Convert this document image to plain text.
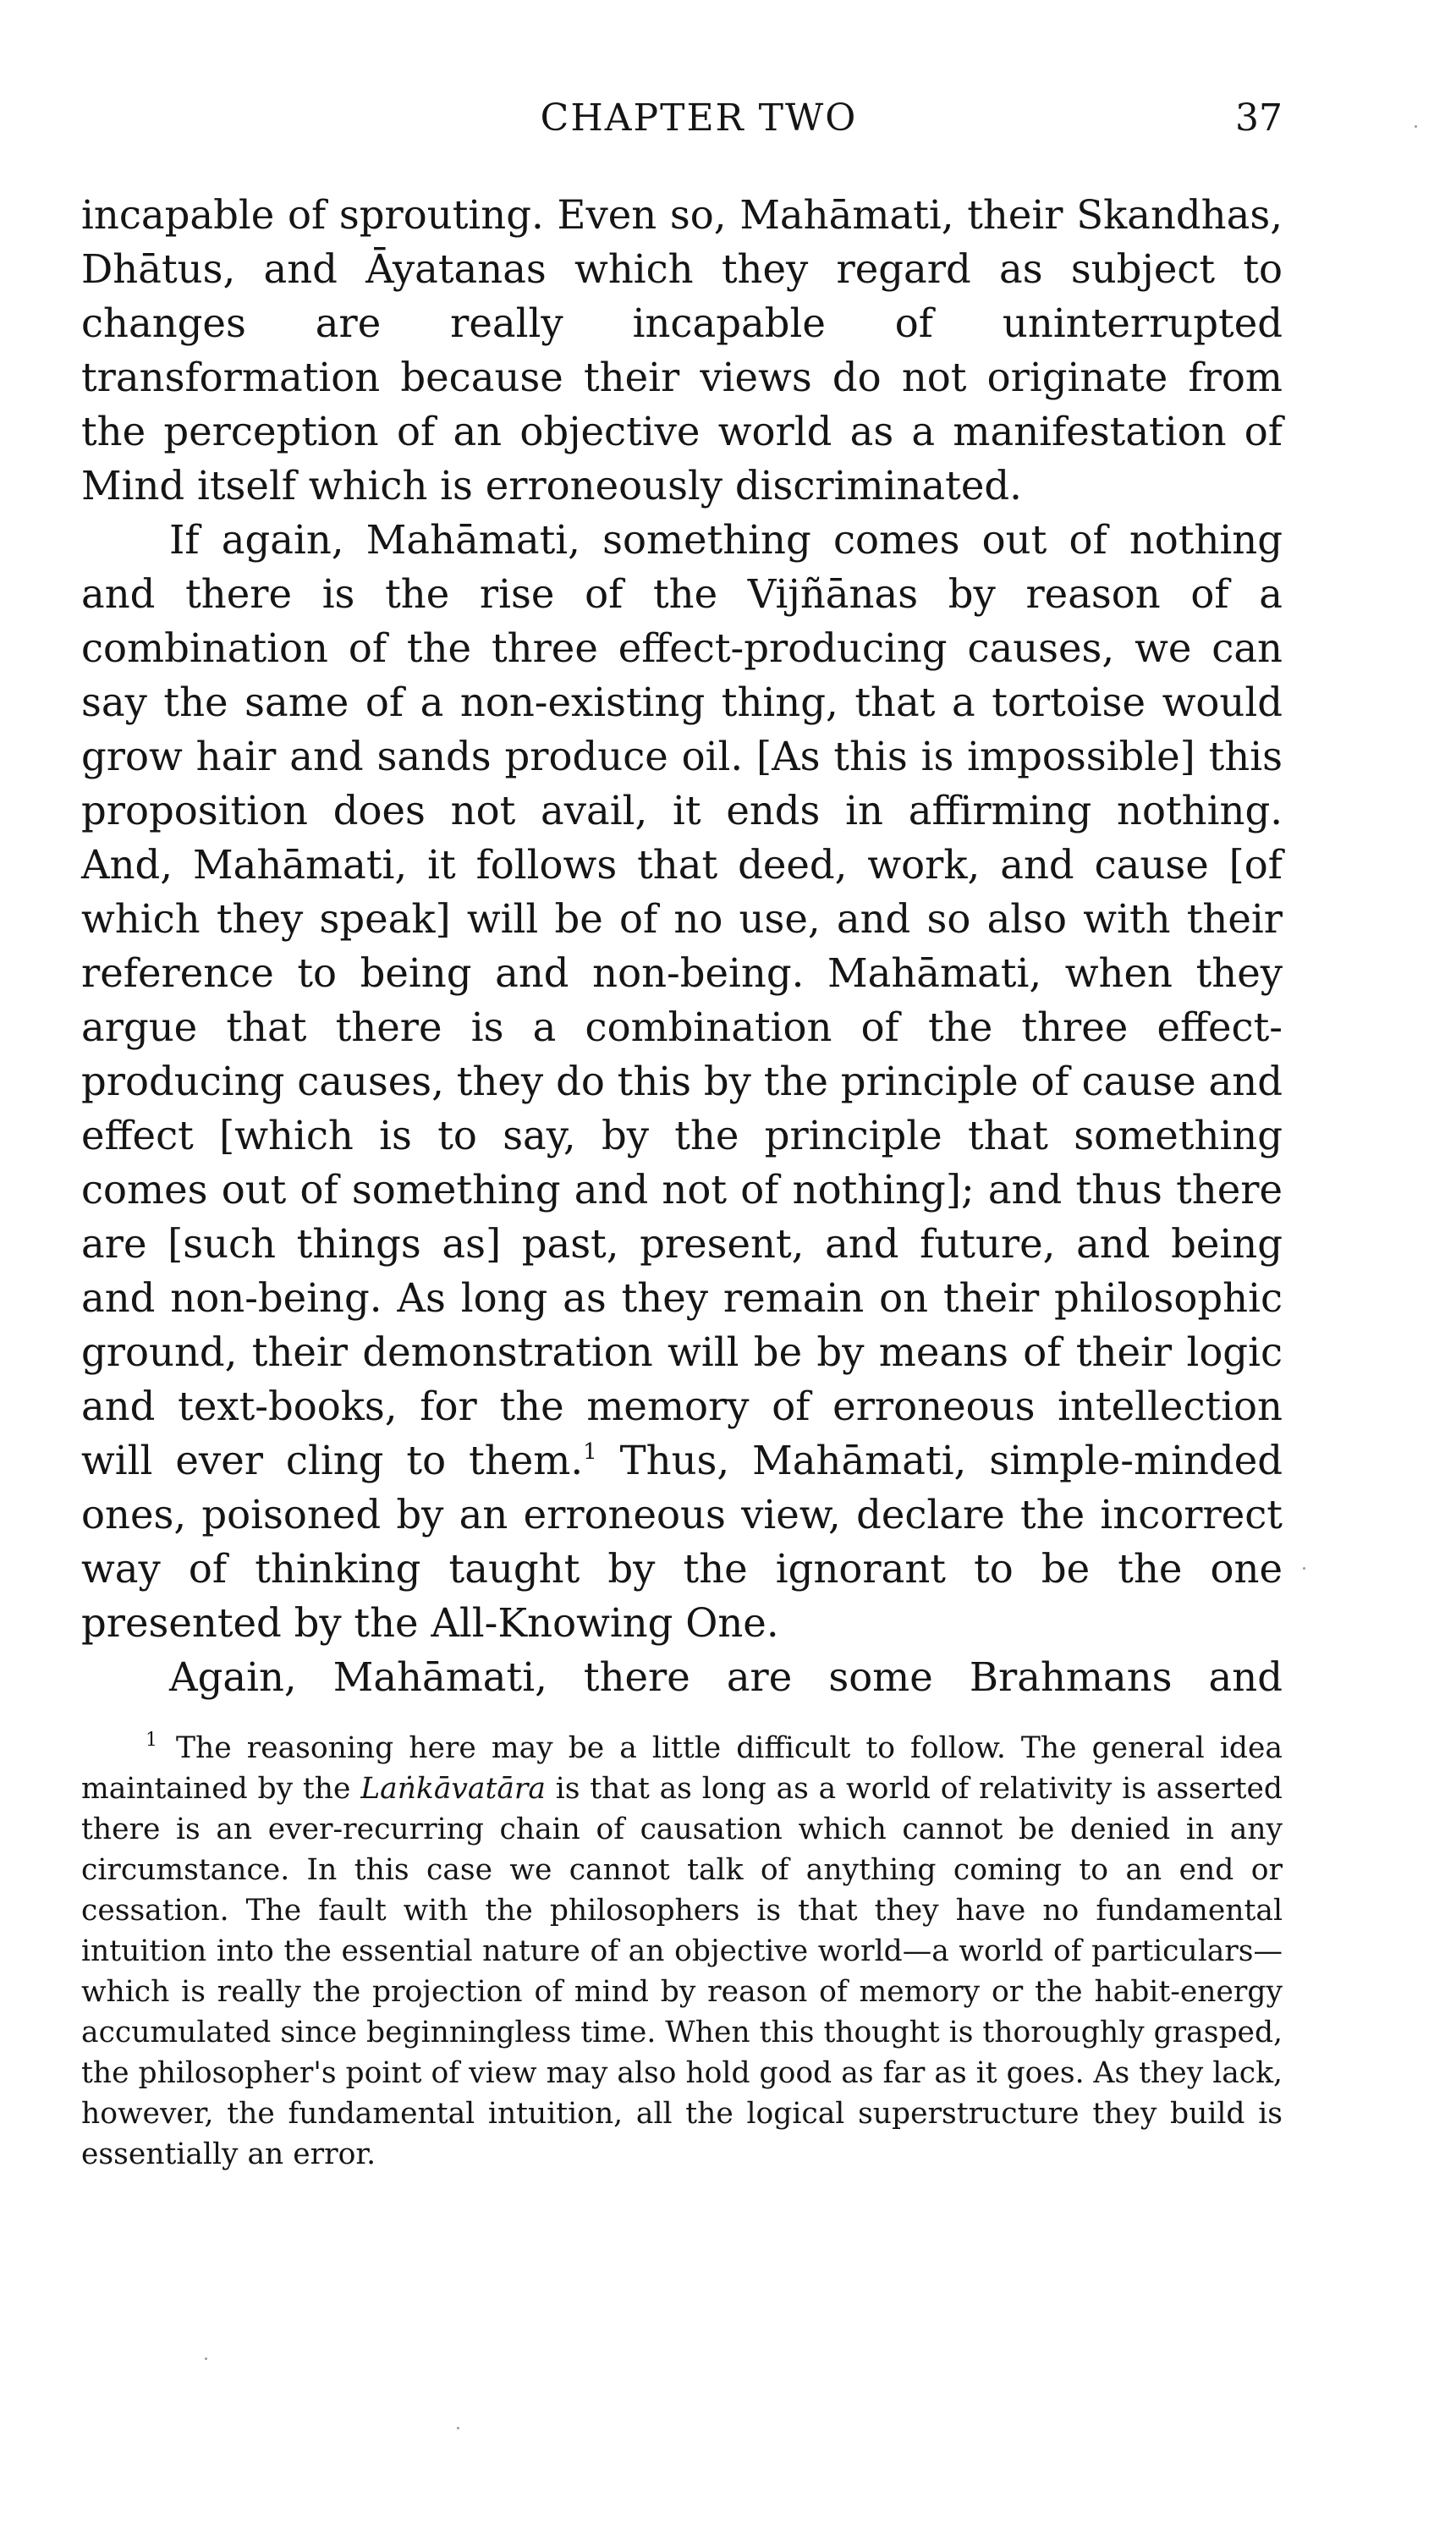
CHAPTER TWO	37

incapable of sprouting. Even so, Mahāmati, their Skandhas, Dhātus, and Āyatanas which they regard as subject to changes are really incapable of uninterrupted transformation because their views do not originate from the perception of an objective world as a manifestation of Mind itself which is erroneously discriminated.

If again, Mahāmati, something comes out of nothing and there is the rise of the Vijñānas by reason of a combination of the three effect-producing causes, we can say the same of a non-existing thing, that a tortoise would grow hair and sands produce oil. [As this is impossible] this proposition does not avail, it ends in affirming nothing. And, Mahāmati, it follows that deed, work, and cause [of which they speak] will be of no use, and so also with their reference to being and non-being. Mahāmati, when they argue that there is a combination of the three effect-producing causes, they do this by the principle of cause and effect [which is to say, by the principle that something comes out of something and not of nothing]; and thus there are [such things as] past, present, and future, and being and non-being. As long as they remain on their philosophic ground, their demonstration will be by means of their logic and text-books, for the memory of erroneous intellection will ever cling to them.$^1$ Thus, Mahāmati, simple-minded ones, poisoned by an erroneous view, declare the incorrect way of thinking taught by the ignorant to be the one presented by the All-Knowing One.

Again, Mahāmati, there are some Brahmans and

$^1$ The reasoning here may be a little difficult to follow. The general idea maintained by the Laṅkāvatāra is that as long as a world of relativity is asserted there is an ever-recurring chain of causation which cannot be denied in any circumstance. In this case we cannot talk of anything coming to an end or cessation. The fault with the philosophers is that they have no fundamental intuition into the essential nature of an objective world—a world of particulars—which is really the projection of mind by reason of memory or the habit-energy accumulated since beginningless time. When this thought is thoroughly grasped, the philosopher's point of view may also hold good as far as it goes. As they lack, however, the fundamental intuition, all the logical superstructure they build is essentially an error.
